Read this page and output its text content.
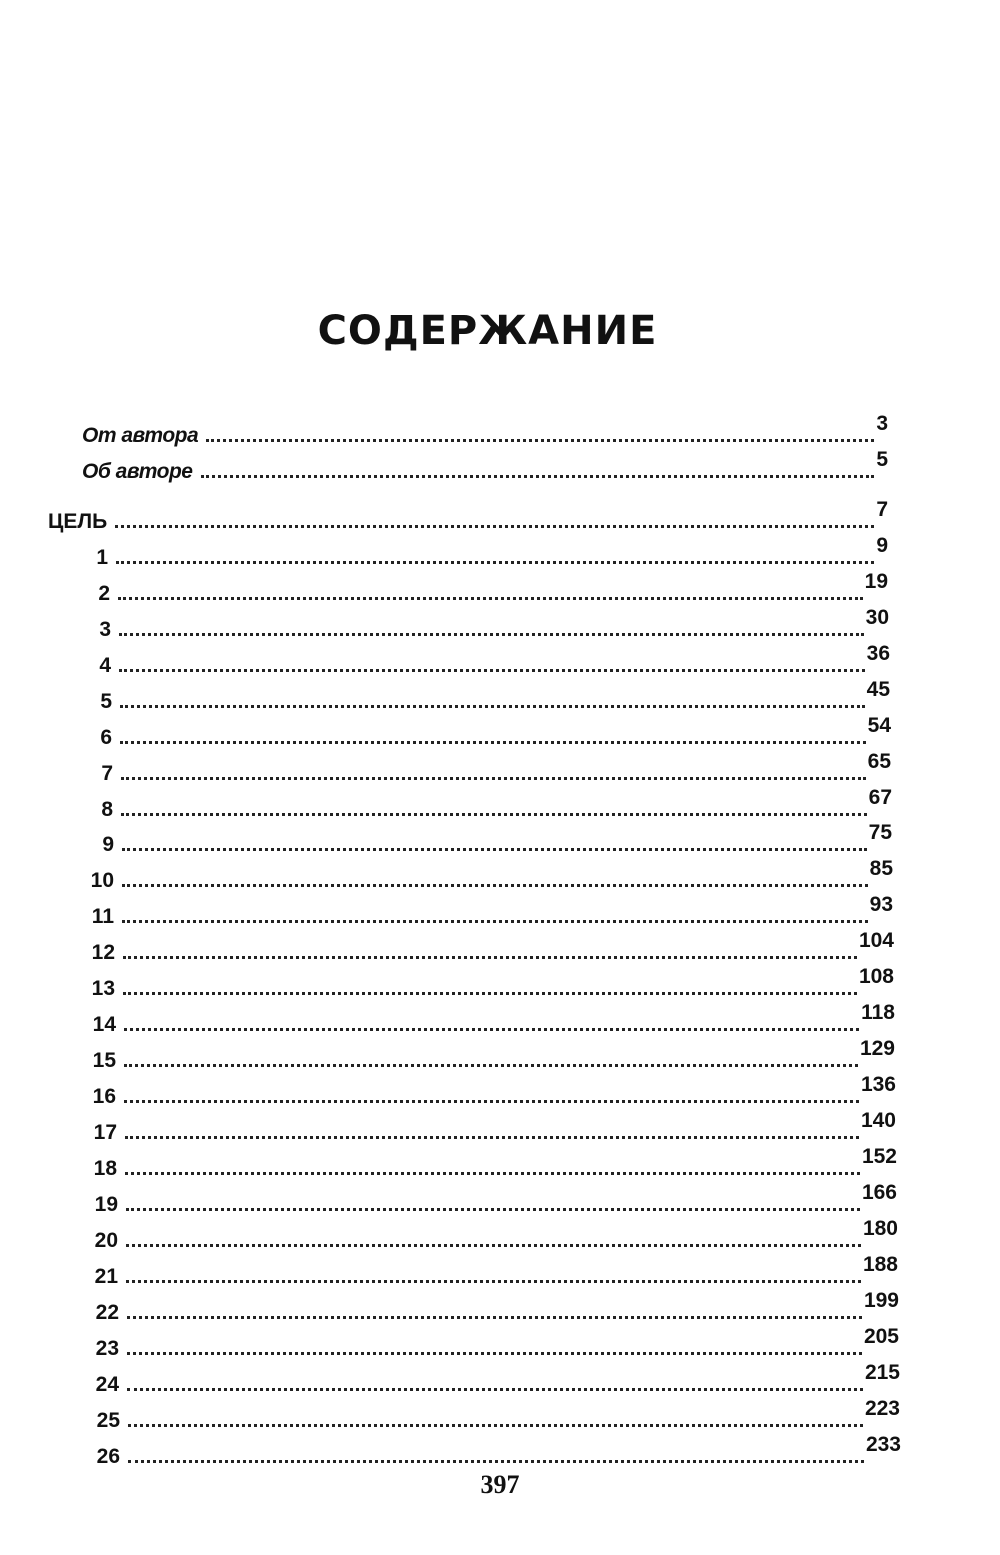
СОДЕРЖАНИЕ
От автора
3
Об авторе
5
ЦЕЛЬ
7
1
9
2
19
3
30
4
36
5
45
6
54
7
65
8
67
9
75
10
85
11
93
12
104
13
108
14
118
15
129
16
136
17
140
18
152
19
166
20
180
21
188
22
199
23
205
24
215
25
223
26
233
397
